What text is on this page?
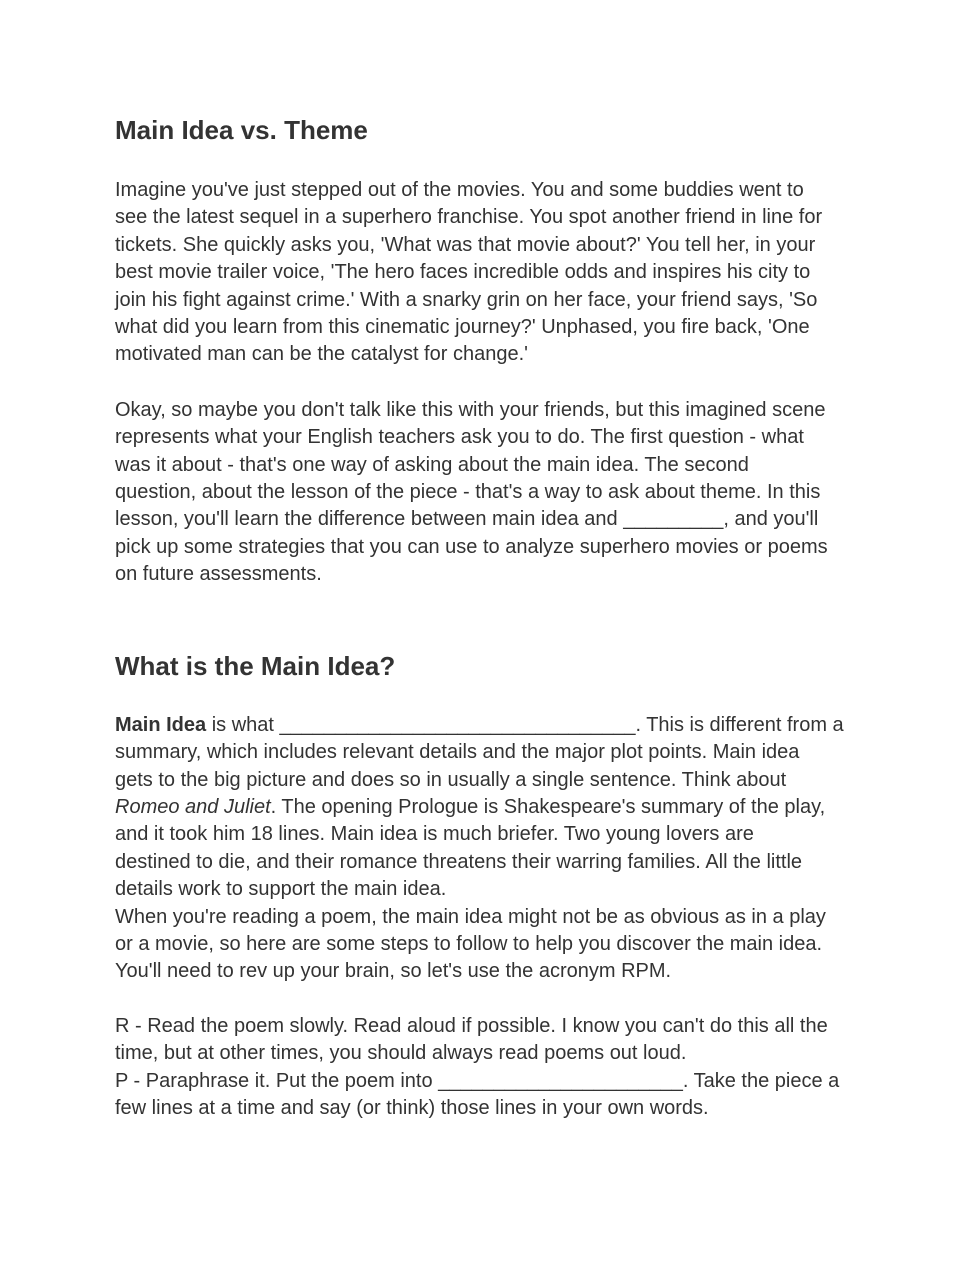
Main Idea vs. Theme

Imagine you've just stepped out of the movies. You and some buddies went to
see the latest sequel in a superhero franchise. You spot another friend in line for
tickets. She quickly asks you, 'What was that movie about?' You tell her, in your
best movie trailer voice, 'The hero faces incredible odds and inspires his city to
join his fight against crime.' With a snarky grin on her face, your friend says, 'So
what did you learn from this cinematic journey?' Unphased, you fire back, 'One
motivated man can be the catalyst for change.'

Okay, so maybe you don't talk like this with your friends, but this imagined scene
represents what your English teachers ask you to do. The first question - what
was it about - that's one way of asking about the main idea. The second
question, about the lesson of the piece - that's a way to ask about theme. In this
lesson, you'll learn the difference between main idea and _________, and you'll
pick up some strategies that you can use to analyze superhero movies or poems
on future assessments.

What is the Main Idea?

Main Idea is what ________________________________. This is different from a
summary, which includes relevant details and the major plot points. Main idea
gets to the big picture and does so in usually a single sentence. Think about
Romeo and Juliet. The opening Prologue is Shakespeare's summary of the play,
and it took him 18 lines. Main idea is much briefer. Two young lovers are
destined to die, and their romance threatens their warring families. All the little
details work to support the main idea.

When you're reading a poem, the main idea might not be as obvious as in a play
or a movie, so here are some steps to follow to help you discover the main idea.
You'll need to rev up your brain, so let's use the acronym RPM.

R - Read the poem slowly. Read aloud if possible. I know you can't do this all the
time, but at other times, you should always read poems out loud.

P - Paraphrase it. Put the poem into ______________________. Take the piece a
few lines at a time and say (or think) those lines in your own words.
